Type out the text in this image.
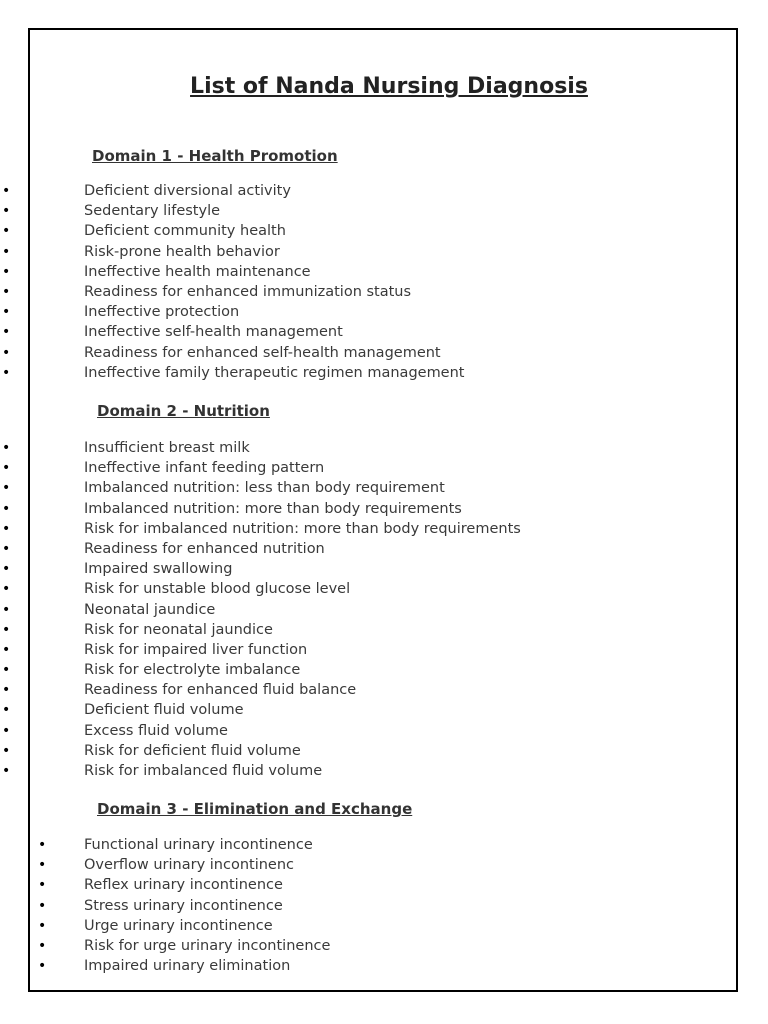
List of Nanda Nursing Diagnosis
Domain 1 - Health Promotion
•	Deficient diversional activity
•	Sedentary lifestyle
•	Deficient community health
•	Risk-prone health behavior
•	Ineffective health maintenance
•	Readiness for enhanced immunization status
•	Ineffective protection
•	Ineffective self-health management
•	Readiness for enhanced self-health management
•	Ineffective family therapeutic regimen management
Domain 2 - Nutrition
•	Insufficient breast milk
•	Ineffective infant feeding pattern
•	Imbalanced nutrition: less than body requirement
•	Imbalanced nutrition: more than body requirements
•	Risk for imbalanced nutrition: more than body requirements
•	Readiness for enhanced nutrition
•	Impaired swallowing
•	Risk for unstable blood glucose level
•	Neonatal jaundice
•	Risk for neonatal jaundice
•	Risk for impaired liver function
•	Risk for electrolyte imbalance
•	Readiness for enhanced fluid balance
•	Deficient fluid volume
•	Excess fluid volume
•	Risk for deficient fluid volume
•	Risk for imbalanced fluid volume
Domain 3 - Elimination and Exchange
•	Functional urinary incontinence
•	Overflow urinary incontinenc
•	Reflex urinary incontinence
•	Stress urinary incontinence
•	Urge urinary incontinence
•	Risk for urge urinary incontinence
•	Impaired urinary elimination
